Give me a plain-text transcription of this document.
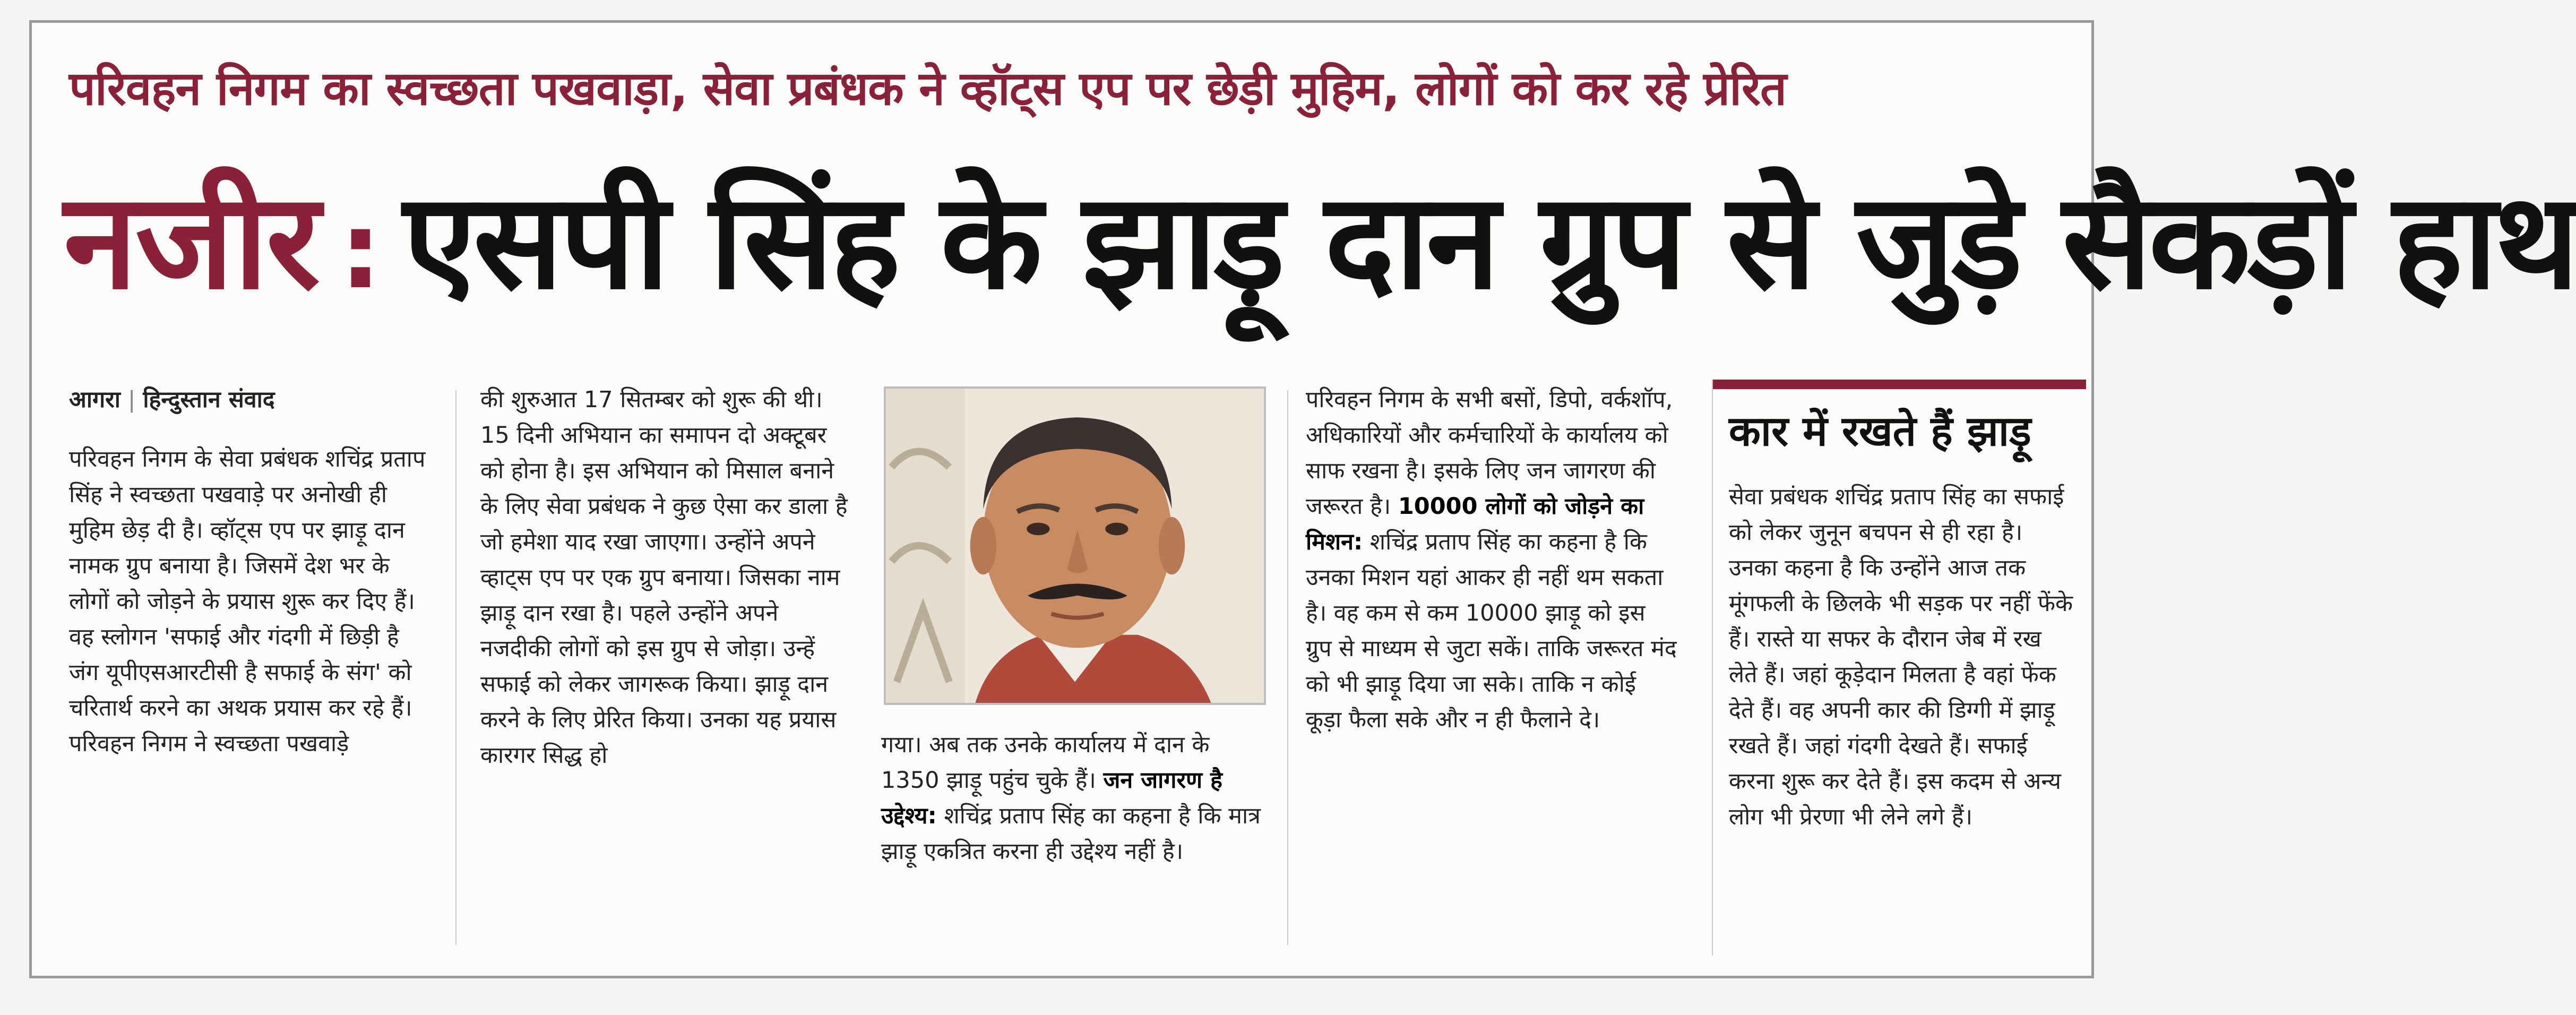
परिवहन निगम का स्वच्छता पखवाड़ा, सेवा प्रबंधक ने व्हॉट्स एप पर छेड़ी मुहिम, लोगों को कर रहे प्रेरित
नजीर : एसपी सिंह के झाड़ू दान ग्रुप से जुड़े सैकड़ों हाथ

आगरा | हिन्दुस्तान संवाद

परिवहन निगम के सेवा प्रबंधक शचिंद्र प्रताप सिंह ने स्वच्छता पखवाड़े पर अनोखी ही मुहिम छेड़ दी है। व्हॉट्स एप पर झाड़ू दान नामक ग्रुप बनाया है। जिसमें देश भर के लोगों को जोड़ने के प्रयास शुरू कर दिए हैं। वह स्लोगन 'सफाई और गंदगी में छिड़ी है जंग यूपीएसआरटीसी है सफाई के संग' को चरितार्थ करने का अथक प्रयास कर रहे हैं। परिवहन निगम ने स्वच्छता पखवाड़े

की शुरुआत 17 सितम्बर को शुरू की थी। 15 दिनी अभियान का समापन दो अक्टूबर को होना है। इस अभियान को मिसाल बनाने के लिए सेवा प्रबंधक ने कुछ ऐसा कर डाला है जो हमेशा याद रखा जाएगा। उन्होंने अपने व्हाट्स एप पर एक ग्रुप बनाया। जिसका नाम झाड़ू दान रखा है। पहले उन्होंने अपने नजदीकी लोगों को इस ग्रुप से जोड़ा। उन्हें सफाई को लेकर जागरूक किया। झाड़ू दान करने के लिए प्रेरित किया। उनका यह प्रयास कारगर सिद्ध हो	गया। अब तक उनके कार्यालय में दान के 1350 झाड़ू पहुंच चुके हैं। जन जागरण है उद्देश्य: शचिंद्र प्रताप सिंह का कहना है कि मात्र झाड़ू एकत्रित करना ही उद्देश्य नहीं है।

परिवहन निगम के सभी बसों, डिपो, वर्कशॉप, अधिकारियों और कर्मचारियों के कार्यालय को साफ रखना है। इसके लिए जन जागरण की जरूरत है। 10000 लोगों को जोड़ने का मिशन: शचिंद्र प्रताप सिंह का कहना है कि उनका मिशन यहां आकर ही नहीं थम सकता है। वह कम से कम 10000 झाड़ू को इस ग्रुप से माध्यम से जुटा सकें। ताकि जरूरत मंद को भी झाड़ू दिया जा सके। ताकि न कोई कूड़ा फैला सके और न ही फैलाने दे।

कार में रखते हैं झाड़ू
सेवा प्रबंधक शचिंद्र प्रताप सिंह का सफाई को लेकर जुनून बचपन से ही रहा है। उनका कहना है कि उन्होंने आज तक मूंगफली के छिलके भी सड़क पर नहीं फेंके हैं। रास्ते या सफर के दौरान जेब में रख लेते हैं। जहां कूड़ेदान मिलता है वहां फेंक देते हैं। वह अपनी कार की डिग्गी में झाड़ू रखते हैं। जहां गंदगी देखते हैं। सफाई करना शुरू कर देते हैं। इस कदम से अन्य लोग भी प्रेरणा भी लेने लगे हैं।
